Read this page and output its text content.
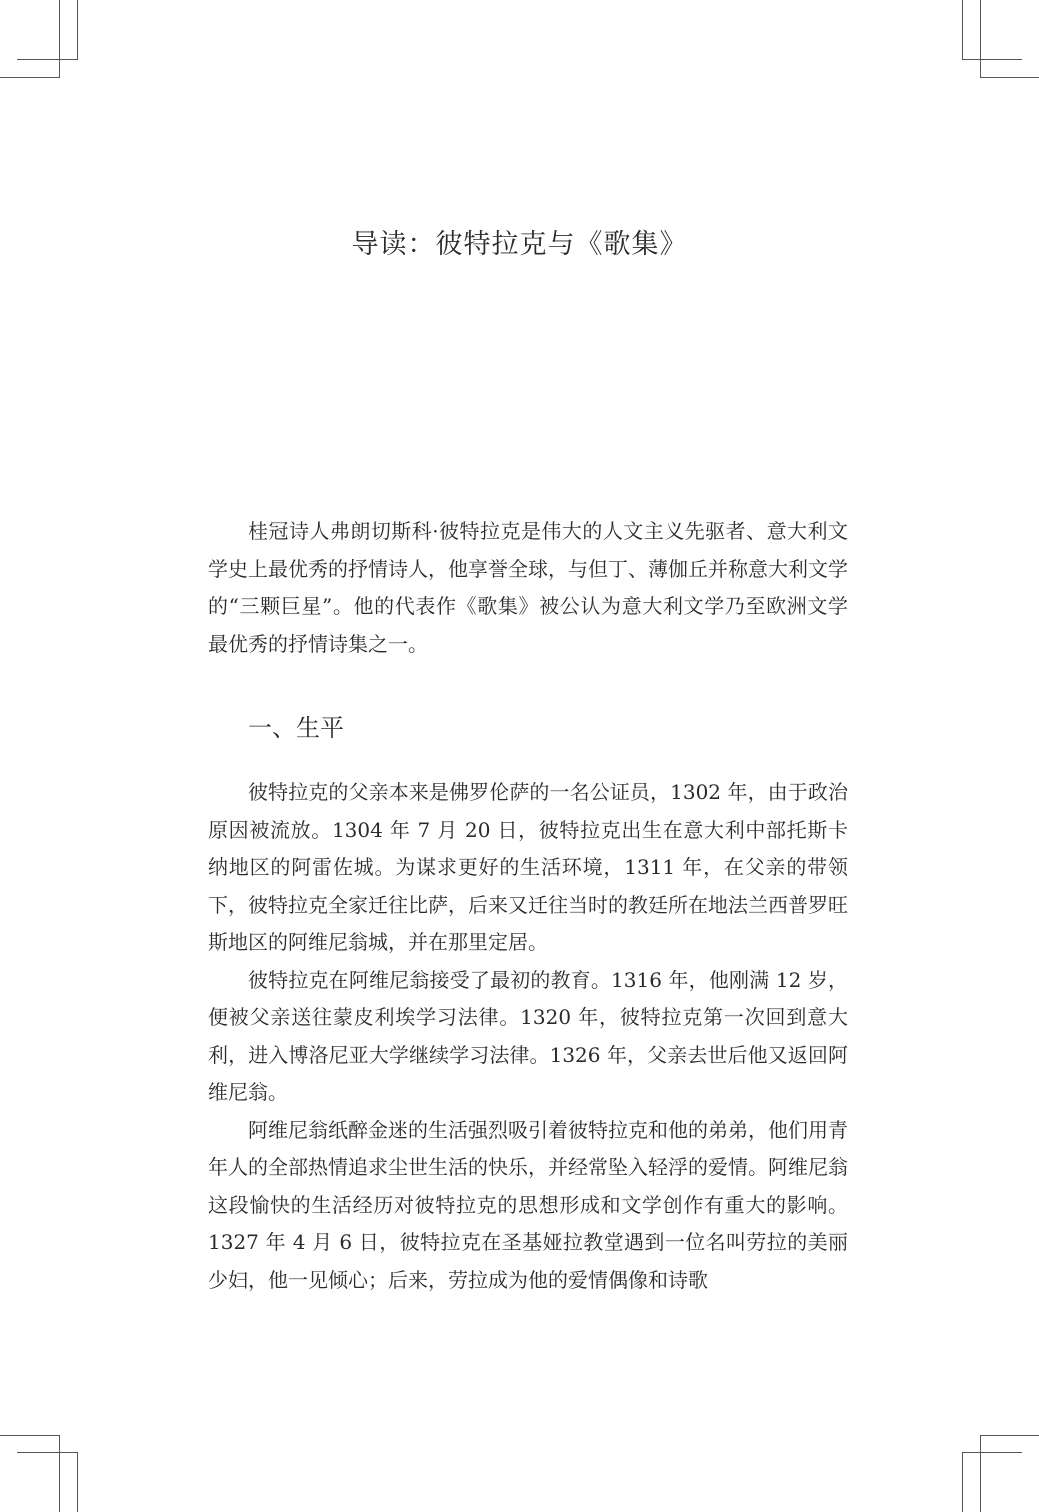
导读：彼特拉克与《歌集》

桂冠诗人弗朗切斯科·彼特拉克是伟大的人文主义先驱者、意大利文学史上最优秀的抒情诗人，他享誉全球，与但丁、薄伽丘并称意大利文学的“三颗巨星”。他的代表作《歌集》被公认为意大利文学乃至欧洲文学最优秀的抒情诗集之一。

一、生平

彼特拉克的父亲本来是佛罗伦萨的一名公证员，1302 年，由于政治原因被流放。1304 年 7 月 20 日，彼特拉克出生在意大利中部托斯卡纳地区的阿雷佐城。为谋求更好的生活环境，1311 年，在父亲的带领下，彼特拉克全家迁往比萨，后来又迁往当时的教廷所在地法兰西普罗旺斯地区的阿维尼翁城，并在那里定居。

彼特拉克在阿维尼翁接受了最初的教育。1316 年，他刚满 12 岁，便被父亲送往蒙皮利埃学习法律。1320 年，彼特拉克第一次回到意大利，进入博洛尼亚大学继续学习法律。1326 年，父亲去世后他又返回阿维尼翁。

阿维尼翁纸醉金迷的生活强烈吸引着彼特拉克和他的弟弟，他们用青年人的全部热情追求尘世生活的快乐，并经常坠入轻浮的爱情。阿维尼翁这段愉快的生活经历对彼特拉克的思想形成和文学创作有重大的影响。1327 年 4 月 6 日，彼特拉克在圣基娅拉教堂遇到一位名叫劳拉的美丽少妇，他一见倾心；后来，劳拉成为他的爱情偶像和诗歌
